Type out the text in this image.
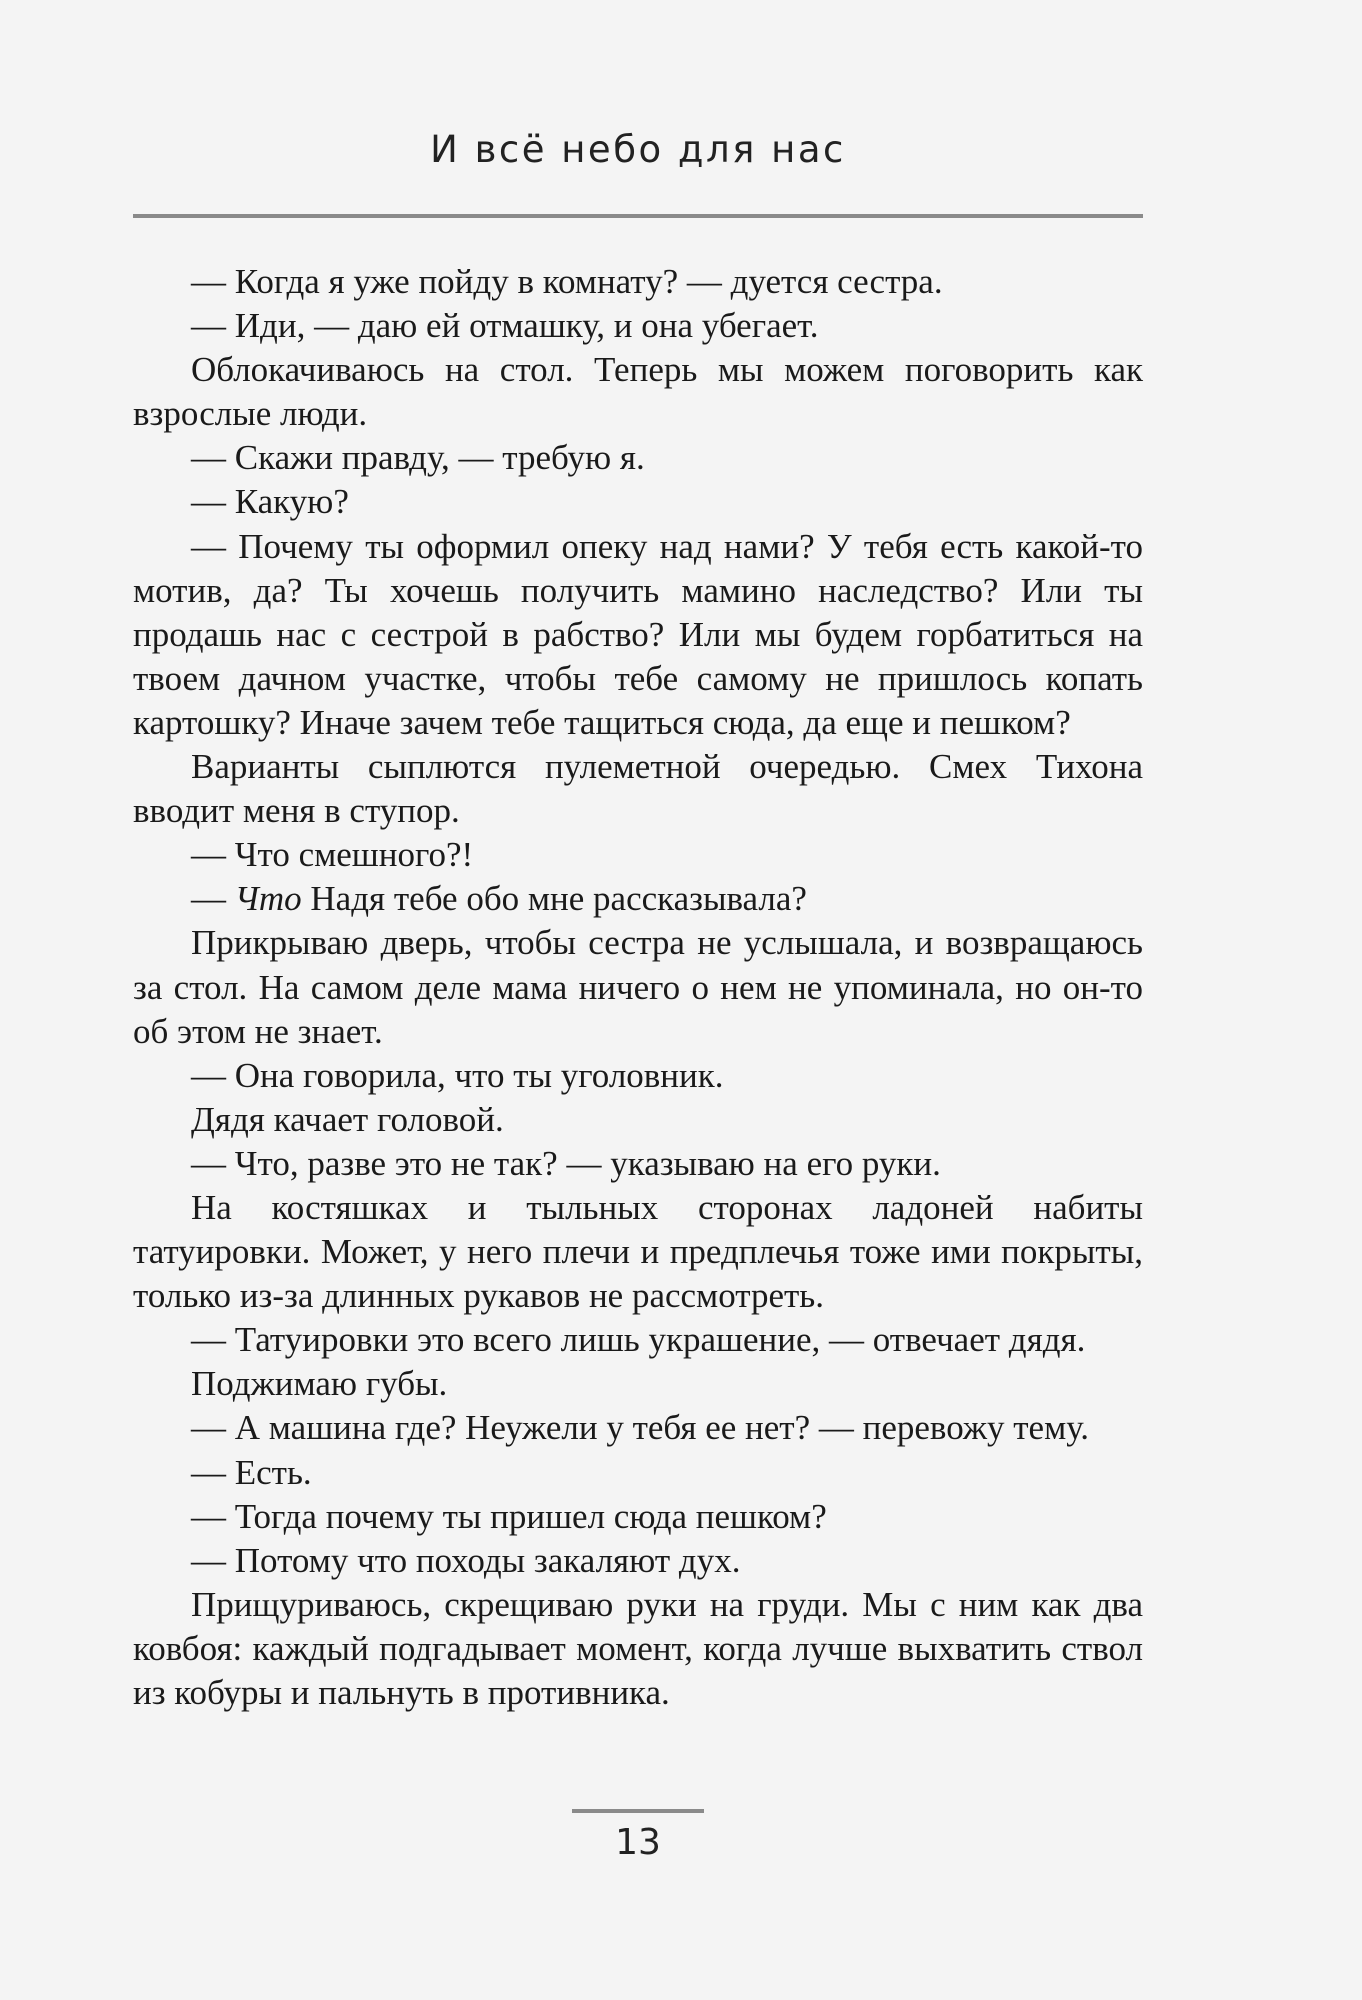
И всё небо для нас

— Когда я уже пойду в комнату? — дуется сестра.

— Иди, — даю ей отмашку, и она убегает.

Облокачиваюсь на стол. Теперь мы можем поговорить как взрослые люди.

— Скажи правду, — требую я.

— Какую?

— Почему ты оформил опеку над нами? У тебя есть какой-то мотив, да? Ты хочешь получить мамино наследство? Или ты продашь нас с сестрой в рабство? Или мы будем горбатиться на твоем дачном участке, чтобы тебе самому не пришлось копать картошку? Иначе зачем тебе тащиться сюда, да еще и пешком?

Варианты сыплются пулеметной очередью. Смех Тихона вводит меня в ступор.

— Что смешного?!

— Что Надя тебе обо мне рассказывала?

Прикрываю дверь, чтобы сестра не услышала, и возвращаюсь за стол. На самом деле мама ничего о нем не упоминала, но он-то об этом не знает.

— Она говорила, что ты уголовник.

Дядя качает головой.

— Что, разве это не так? — указываю на его руки.

На костяшках и тыльных сторонах ладоней набиты татуировки. Может, у него плечи и предплечья тоже ими покрыты, только из-за длинных рукавов не рассмотреть.

— Татуировки это всего лишь украшение, — отвечает дядя.

Поджимаю губы.

— А машина где? Неужели у тебя ее нет? — перевожу тему.

— Есть.

— Тогда почему ты пришел сюда пешком?

— Потому что походы закаляют дух.

Прищуриваюсь, скрещиваю руки на груди. Мы с ним как два ковбоя: каждый подгадывает момент, когда лучше выхватить ствол из кобуры и пальнуть в противника.

13
